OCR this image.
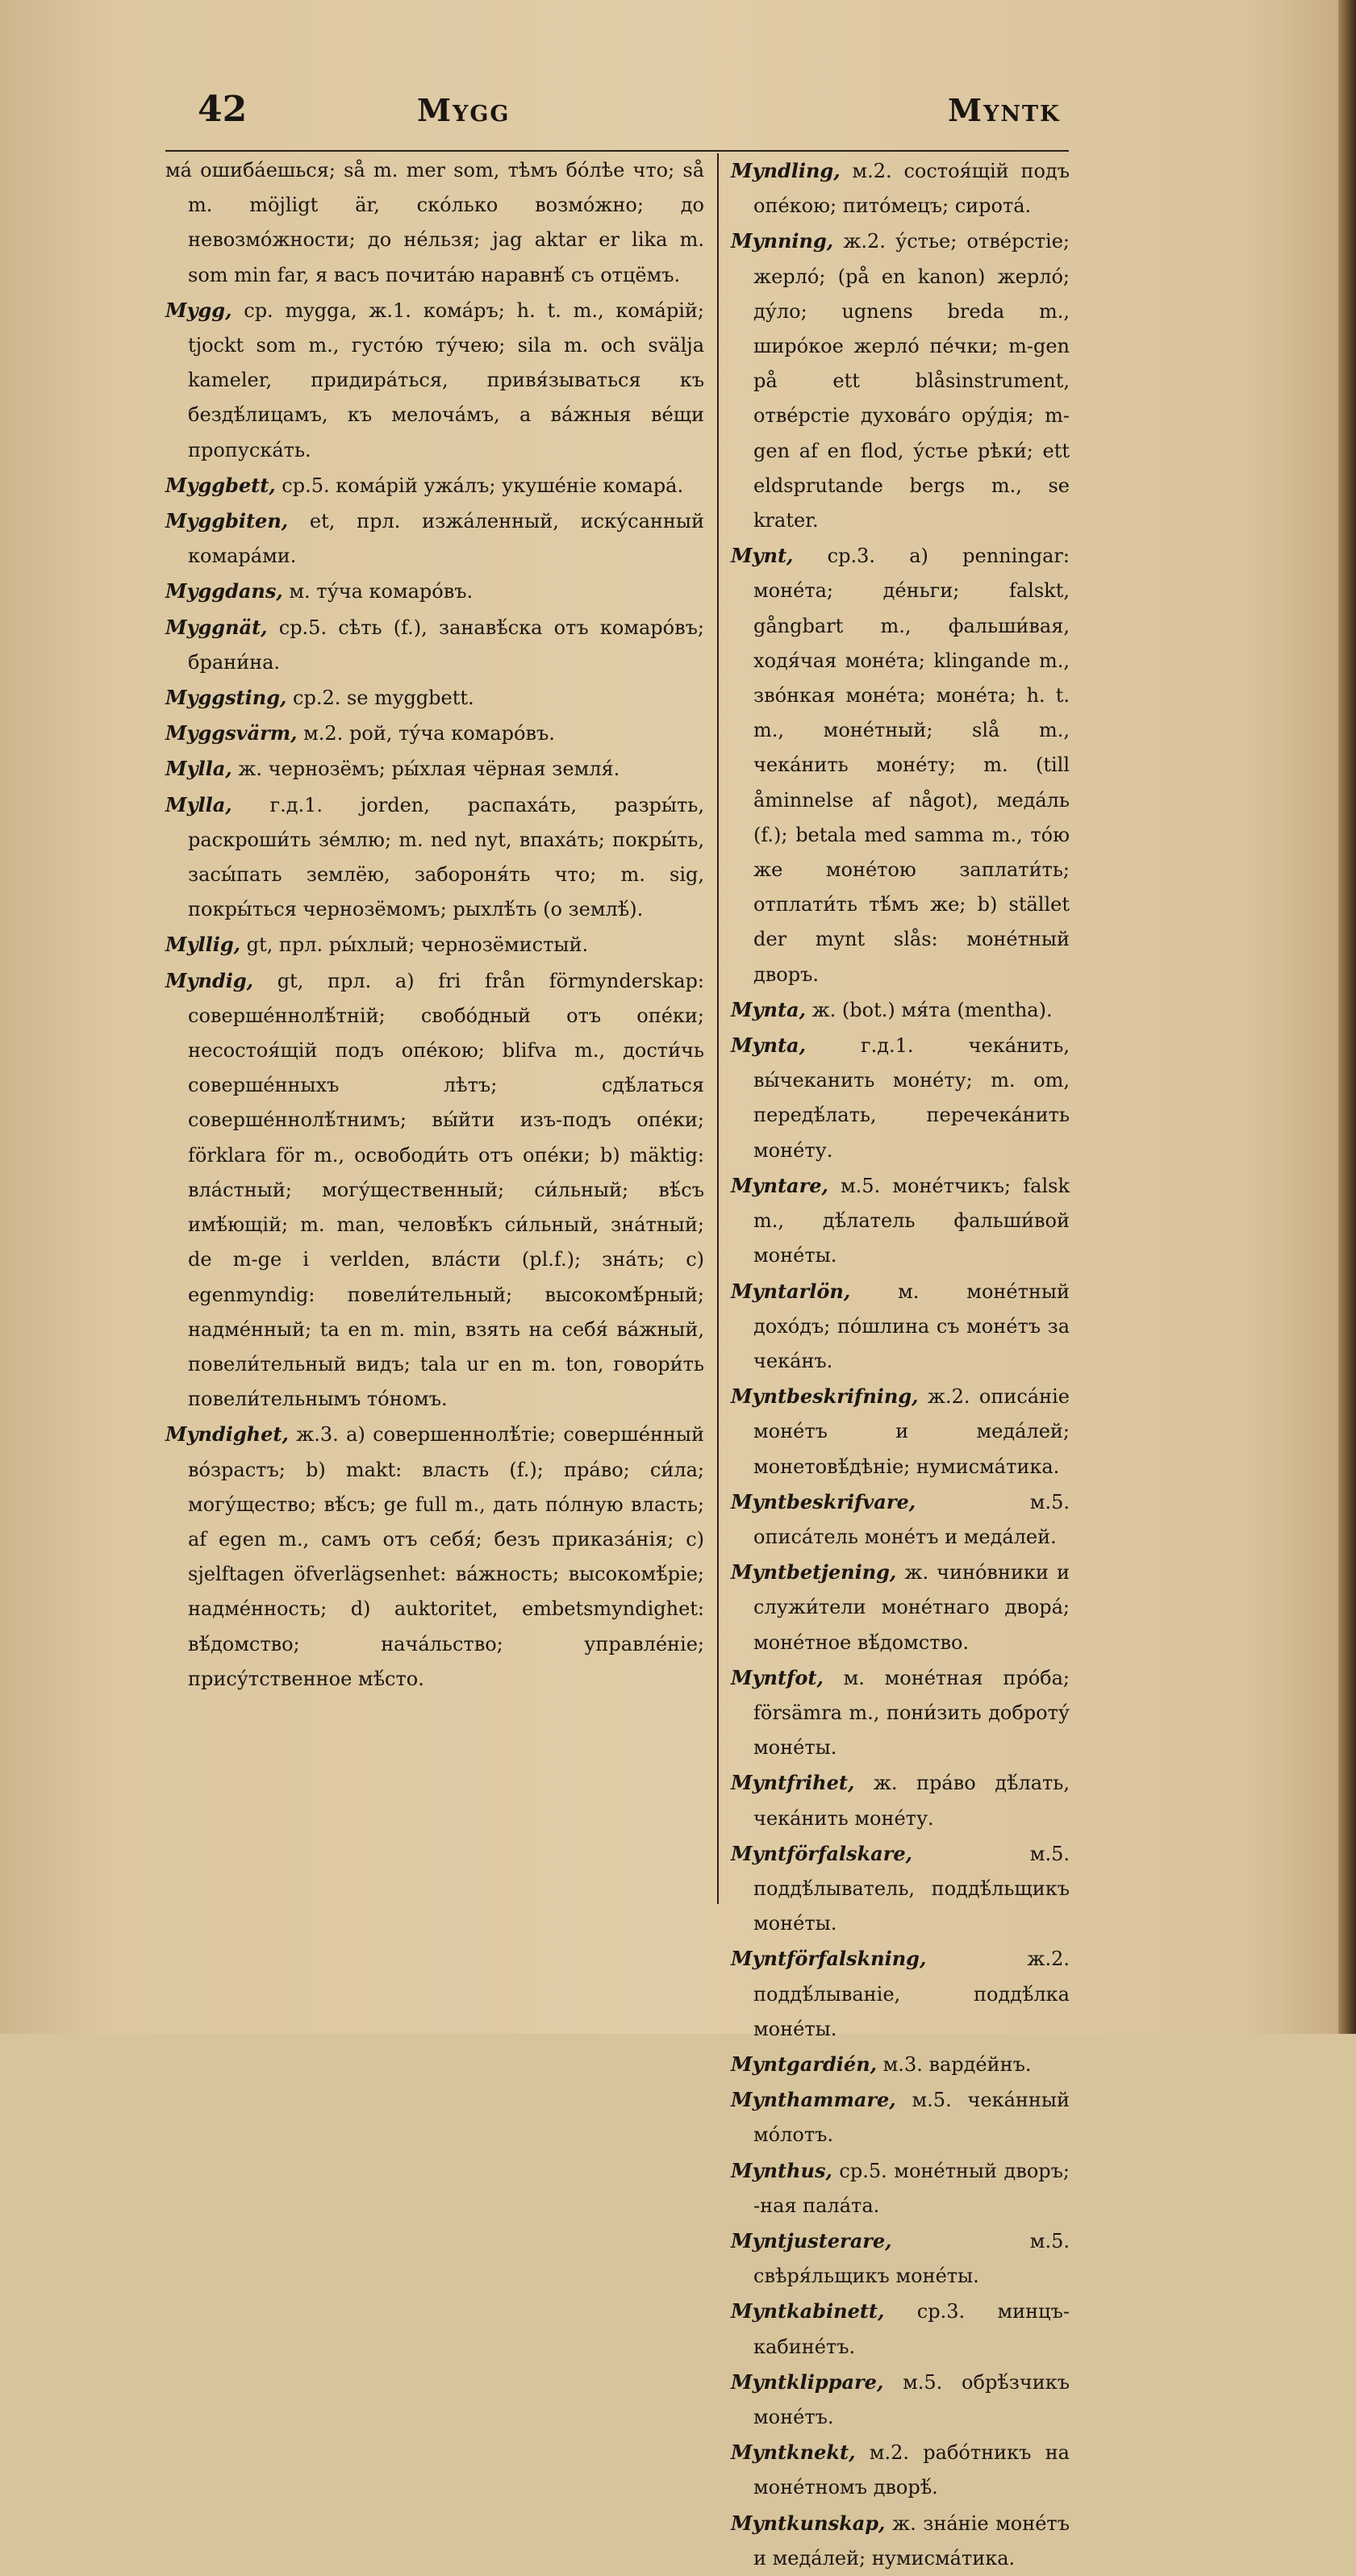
42	Mygg	Myntk

ма́ ошиба́ешься; så m. mer som, тѣмъ бо́лѣе что; så m. möjligt är, ско́лько возмо́жно; до невозмо́жности; до не́льзя; jag aktar er lika m. som min far, я васъ почита́ю наравнѣ́ съ отцёмъ.

Mygg, ср. mygga, ж.1. кома́ръ; h. t. m., кома́рій; tjockt som m., густо́ю ту́чею; sila m. och svälja kameler, придира́ться, привя́зываться къ бездѣ́лицамъ, къ мелоча́мъ, а ва́жныя ве́щи пропуска́ть.

Myggbett, ср.5. кома́рій ужа́лъ; укуше́ніе комара́.

Myggbiten, et, прл. изжа́ленный, иску́санный комара́ми.

Myggdans, м. ту́ча комаро́въ.

Myggnät, ср.5. сѣть (f.), занавѣ́ска отъ комаро́въ; брани́на.

Myggsting, ср.2. se myggbett.

Myggsvärm, м.2. рой, ту́ча комаро́въ.

Mylla, ж. чернозёмъ; ры́хлая чёрная земля́.

Mylla, г.д.1. jorden, распаха́ть, разры́ть, раскроши́ть зе́млю; m. ned nyt, впаха́ть; покры́ть, засы́пать землёю, забороня́ть что; m. sig, покры́ться чернозёмомъ; рыхлѣ́ть (о землѣ́).

Myllig, gt, прл. ры́хлый; чернозёмистый.

Myndig, gt, прл. a) fri från förmynderskap: соверше́ннолѣ́тній; свобо́дный отъ опе́ки; несостоя́щій подъ опе́кою; blifva m., дости́чь соверше́нныхъ лѣтъ; сдѣ́латься соверше́ннолѣ́тнимъ; вы́йти изъ-подъ опе́ки; förklara för m., освободи́ть отъ опе́ки; b) mäktig: вла́стный; могу́щественный; си́льный; вѣ́съ имѣ́ющій; m. man, человѣ́къ си́льный, зна́тный; de m-ge i verlden, вла́сти (pl.f.); зна́ть; c) egenmyndig: повели́тельный; высокомѣ́рный; надме́нный; ta en m. min, взять на себя́ ва́жный, повели́тельный видъ; tala ur en m. ton, говори́ть повели́тельнымъ то́номъ.

Myndighet, ж.3. a) совершеннолѣ́тіе; соверше́нный во́зрастъ; b) makt: власть (f.); пра́во; си́ла; могу́щество; вѣ́съ; ge full m., дать по́лную власть; af egen m., самъ отъ себя́; безъ приказа́нія; c) sjelftagen öfverlägsenhet: ва́жность; высокомѣ́ріе; надме́нность; d) auktoritet, embetsmyndighet: вѣ́домство; нача́льство; управле́ніе; прису́тственное мѣ́сто.

Myndling, м.2. состоя́щій подъ опе́кою; пито́мецъ; сирота́.

Mynning, ж.2. у́стье; отве́рстіе; жерло́; (på en kanon) жерло́; ду́ло; ugnens breda m., широ́кое жерло́ пе́чки; m-gen på ett blåsinstrument, отве́рстіе духова́го ору́дія; m-gen af en flod, у́стье рѣки́; ett eldsprutande bergs m., se krater.

Mynt, ср.3. a) penningar: моне́та; де́ньги; falskt, gångbart m., фальши́вая, ходя́чая моне́та; klingande m., зво́нкая моне́та; моне́та; h. t. m., моне́тный; slå m., чека́нить моне́ту; m. (till åminnelse af något), меда́ль (f.); betala med samma m., то́ю же моне́тою заплати́ть; отплати́ть тѣ́мъ же; b) stället der mynt slås: моне́тный дворъ.

Mynta, ж. (bot.) мя́та (mentha).

Mynta,	г.д.1. чека́нить, вы́чеканить моне́ту; m. om, передѣ́лать, перечека́нить моне́ту.

Myntare, м.5. моне́тчикъ; falsk m., дѣ́латель фальши́вой моне́ты.

Myntarlön, м. моне́тный дохо́дъ; по́шлина съ моне́тъ за чека́нъ.

Myntbeskrifning, ж.2. описа́ніе моне́тъ и меда́лей; монетовѣ́дѣніе; нумисма́тика.

Myntbeskrifvare,	м.5. описа́тель моне́тъ и меда́лей.

Myntbetjening, ж. чино́вники и служи́тели моне́тнаго двора́; моне́тное вѣ́домство.

Myntfot, м. моне́тная про́ба; försämra m., пони́зить доброту́ моне́ты.

Myntfrihet, ж. пра́во дѣ́лать, чека́нить моне́ту.

Myntförfalskare,	м.5. поддѣ́лыватель, поддѣ́льщикъ моне́ты.

Myntförfalskning,	ж.2. поддѣ́лываніе, поддѣ́лка моне́ты.

Myntgardién, м.3. варде́йнъ.

Mynthammare, м.5. чека́нный мо́лотъ.

Mynthus, ср.5. моне́тный дворъ; -ная пала́та.

Myntjusterare,	м.5. свѣря́льщикъ моне́ты.

Myntkabinett, ср.3. минцъ-кабине́тъ.

Myntklippare, м.5. обрѣ́зчикъ моне́тъ.

Myntknekt, м.2. рабо́тникъ на моне́тномъ дворѣ́.

Myntkunskap, ж. зна́ніе моне́тъ и меда́лей; нумисма́тика.
